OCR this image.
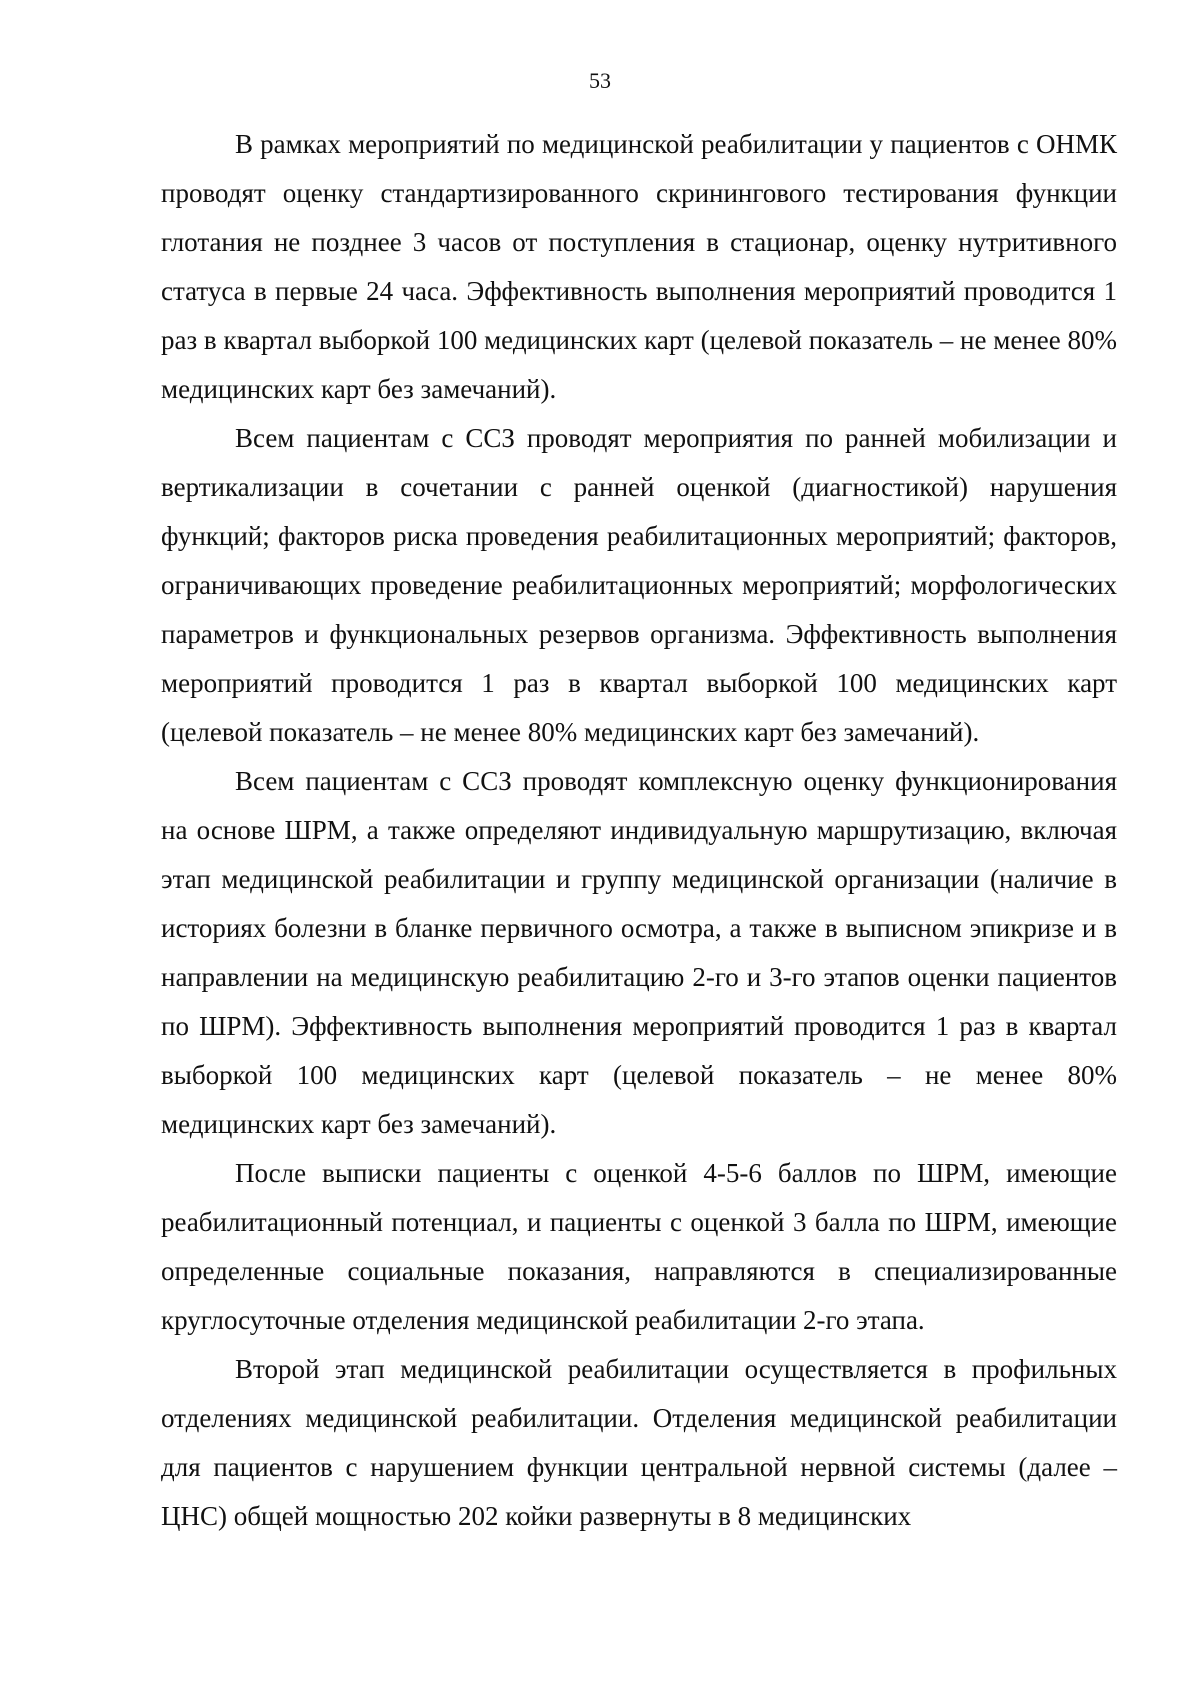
53

В рамках мероприятий по медицинской реабилитации у пациентов с ОНМК проводят оценку стандартизированного скринингового тестирования функции глотания не позднее 3 часов от поступления в стационар, оценку нутритивного статуса в первые 24 часа. Эффективность выполнения мероприятий проводится 1 раз в квартал выборкой 100 медицинских карт (целевой показатель – не менее 80% медицинских карт без замечаний).

Всем пациентам с ССЗ проводят мероприятия по ранней мобилизации и вертикализации в сочетании с ранней оценкой (диагностикой) нарушения функций; факторов риска проведения реабилитационных мероприятий; факторов, ограничивающих проведение реабилитационных мероприятий; морфологических параметров и функциональных резервов организма. Эффективность выполнения мероприятий проводится 1 раз в квартал выборкой 100 медицинских карт (целевой показатель – не менее 80% медицинских карт без замечаний).

Всем пациентам с ССЗ проводят комплексную оценку функционирования на основе ШРМ, а также определяют индивидуальную маршрутизацию, включая этап медицинской реабилитации и группу медицинской организации (наличие в историях болезни в бланке первичного осмотра, а также в выписном эпикризе и в направлении на медицинскую реабилитацию 2-го и 3-го этапов оценки пациентов по ШРМ). Эффективность выполнения мероприятий проводится 1 раз в квартал выборкой 100 медицинских карт (целевой показатель – не менее 80% медицинских карт без замечаний).

После выписки пациенты с оценкой 4-5-6 баллов по ШРМ, имеющие реабилитационный потенциал, и пациенты с оценкой 3 балла по ШРМ, имеющие определенные социальные показания, направляются в специализированные круглосуточные отделения медицинской реабилитации 2-го этапа.

Второй этап медицинской реабилитации осуществляется в профильных отделениях медицинской реабилитации. Отделения медицинской реабилитации для пациентов с нарушением функции центральной нервной системы (далее – ЦНС) общей мощностью 202 койки развернуты в 8 медицинских
